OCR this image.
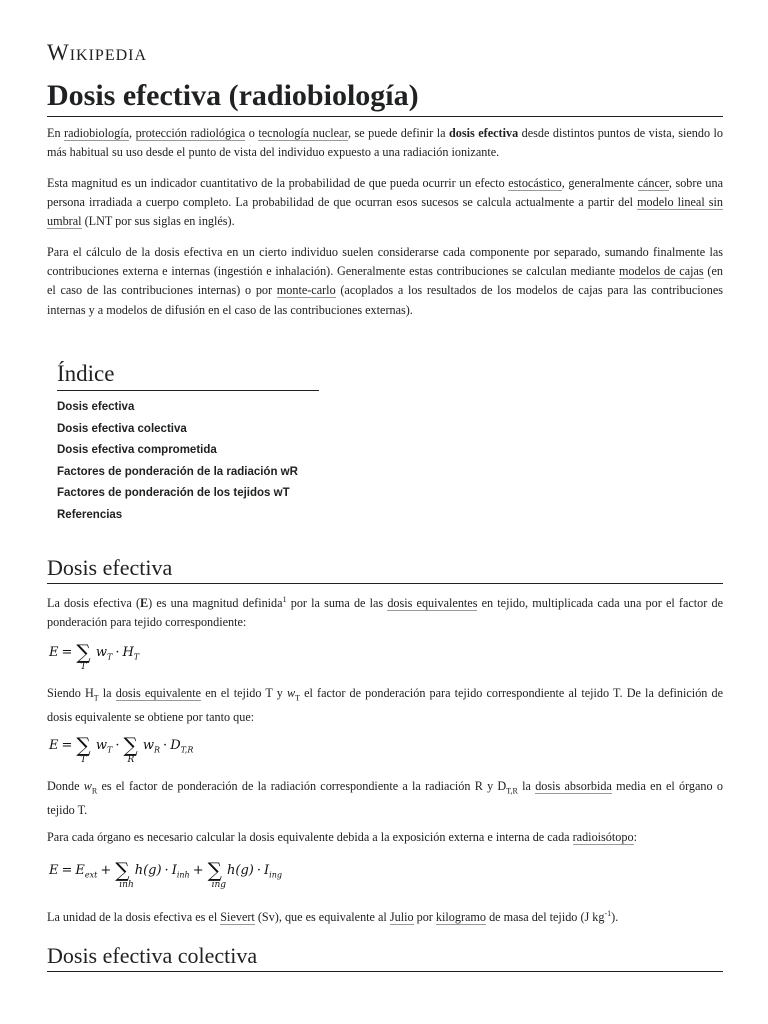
Wikipedia
Dosis efectiva (radiobiología)

En radiobiología, protección radiológica o tecnología nuclear, se puede definir la dosis efectiva desde distintos puntos de vista, siendo lo más habitual su uso desde el punto de vista del individuo expuesto a una radiación ionizante.

Esta magnitud es un indicador cuantitativo de la probabilidad de que pueda ocurrir un efecto estocástico, generalmente cáncer, sobre una persona irradiada a cuerpo completo. La probabilidad de que ocurran esos sucesos se calcula actualmente a partir del modelo lineal sin umbral (LNT por sus siglas en inglés).

Para el cálculo de la dosis efectiva en un cierto individuo suelen considerarse cada componente por separado, sumando finalmente las contribuciones externa e internas (ingestión e inhalación). Generalmente estas contribuciones se calculan mediante modelos de cajas (en el caso de las contribuciones internas) o por monte-carlo (acoplados a los resultados de los modelos de cajas para las contribuciones internas y a modelos de difusión en el caso de las contribuciones externas).

Índice
Dosis efectiva
Dosis efectiva colectiva
Dosis efectiva comprometida
Factores de ponderación de la radiación wR
Factores de ponderación de los tejidos wT
Referencias
Dosis efectiva

La dosis efectiva (E) es una magnitud definida$^1$ por la suma de las dosis equivalentes en tejido, multiplicada cada una por el factor de ponderación para tejido correspondiente:

E = ∑
T
$w_T \cdot H_T$

Siendo $H_T$ la dosis equivalente en el tejido T y $w_T$ el factor de ponderación para tejido correspondiente al tejido T. De la definición de dosis equivalente se obtiene por tanto que:

E = ∑
T
$w_T$ · ∑
R
$w_R \cdot D_{T,R}$

Donde $w_R$ es el factor de ponderación de la radiación correspondiente a la radiación R y $D_{T,R}$ la dosis absorbida media en el órgano o tejido T.

Para cada órgano es necesario calcular la dosis equivalente debida a la exposición externa e interna de cada radioisótopo:

$E = E_{ext}$ + ∑
inh
$h(g) \cdot I_{inh}$ + ∑
ing
$h(g) \cdot I_{ing}$

La unidad de la dosis efectiva es el Sievert (Sv), que es equivalente al Julio por kilogramo de masa del tejido (J $kg^{-1}$).

Dosis efectiva colectiva
